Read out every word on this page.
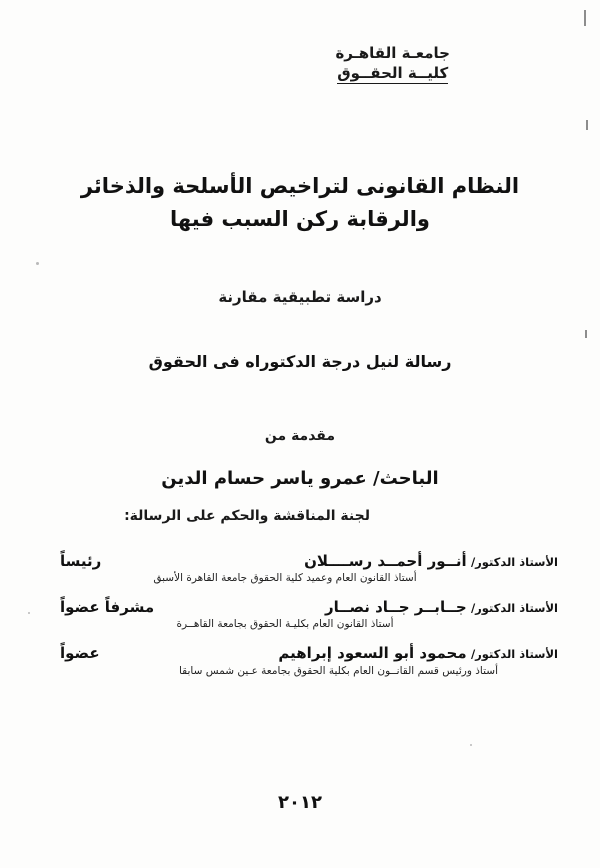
جامعـة القاهـرة
كليــة الحقــوق
النظام القانونى لتراخيص الأسلحة والذخائر
والرقابة ركن السبب فيها
دراسة تطبيقية مقارنة
رسالة لنيل درجة الدكتوراه فى الحقوق
مقدمة من
الباحث/ عمرو ياسر حسام الدين
لجنة المناقشة والحكم على الرسالة:
الأستاذ الدكتور/ أنــور أحمــد رســــلان
رئيساً
أستاذ القانون العام وعميد كلية الحقوق جامعة القاهرة الأسبق
الأستاذ الدكتور/ جــابــر جــاد نصــار
مشرفاً عضواً
أستاذ القانون العام بكليـة الحقوق بجامعة القاهــرة
الأستاذ الدكتور/ محمود أبو السعود إبراهيم
عضواً
أستاذ ورئيس قسم القانــون العام بكلية الحقوق بجامعة عـين شمس سابقا
٢٠١٢
